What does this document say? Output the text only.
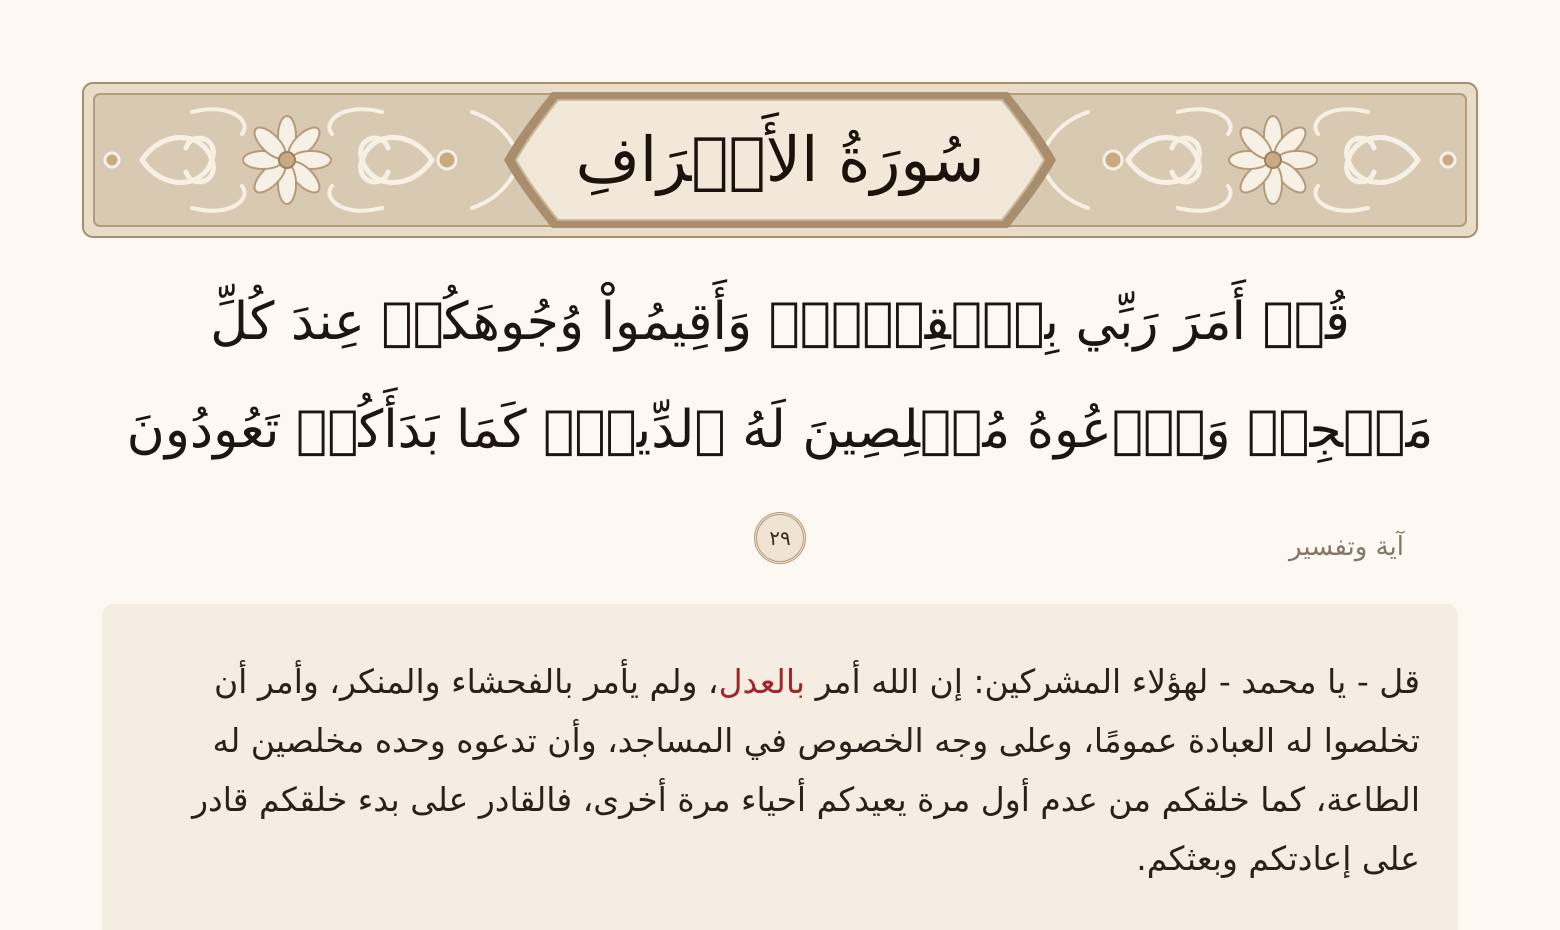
سُورَةُ الأَعۡرَافِ
قُلۡ أَمَرَ رَبِّي بِٱلۡقِسۡطِۖ وَأَقِيمُواْ وُجُوهَكُمۡ عِندَ كُلِّ مَسۡجِدٖ وَٱدۡعُوهُ مُخۡلِصِينَ لَهُ ٱلدِّينَۚ كَمَا بَدَأَكُمۡ تَعُودُونَ ٢٩	آية وتفسير
قل - يا محمد - لهؤلاء المشركين: إن الله أمر بالعدل، ولم يأمر بالفحشاء والمنكر، وأمر أن تخلصوا له العبادة عمومًا، وعلى وجه الخصوص في المساجد، وأن تدعوه وحده مخلصين له الطاعة، كما خلقكم من عدم أول مرة يعيدكم أحياء مرة أخرى، فالقادر على بدء خلقكم قادر على إعادتكم وبعثكم.
